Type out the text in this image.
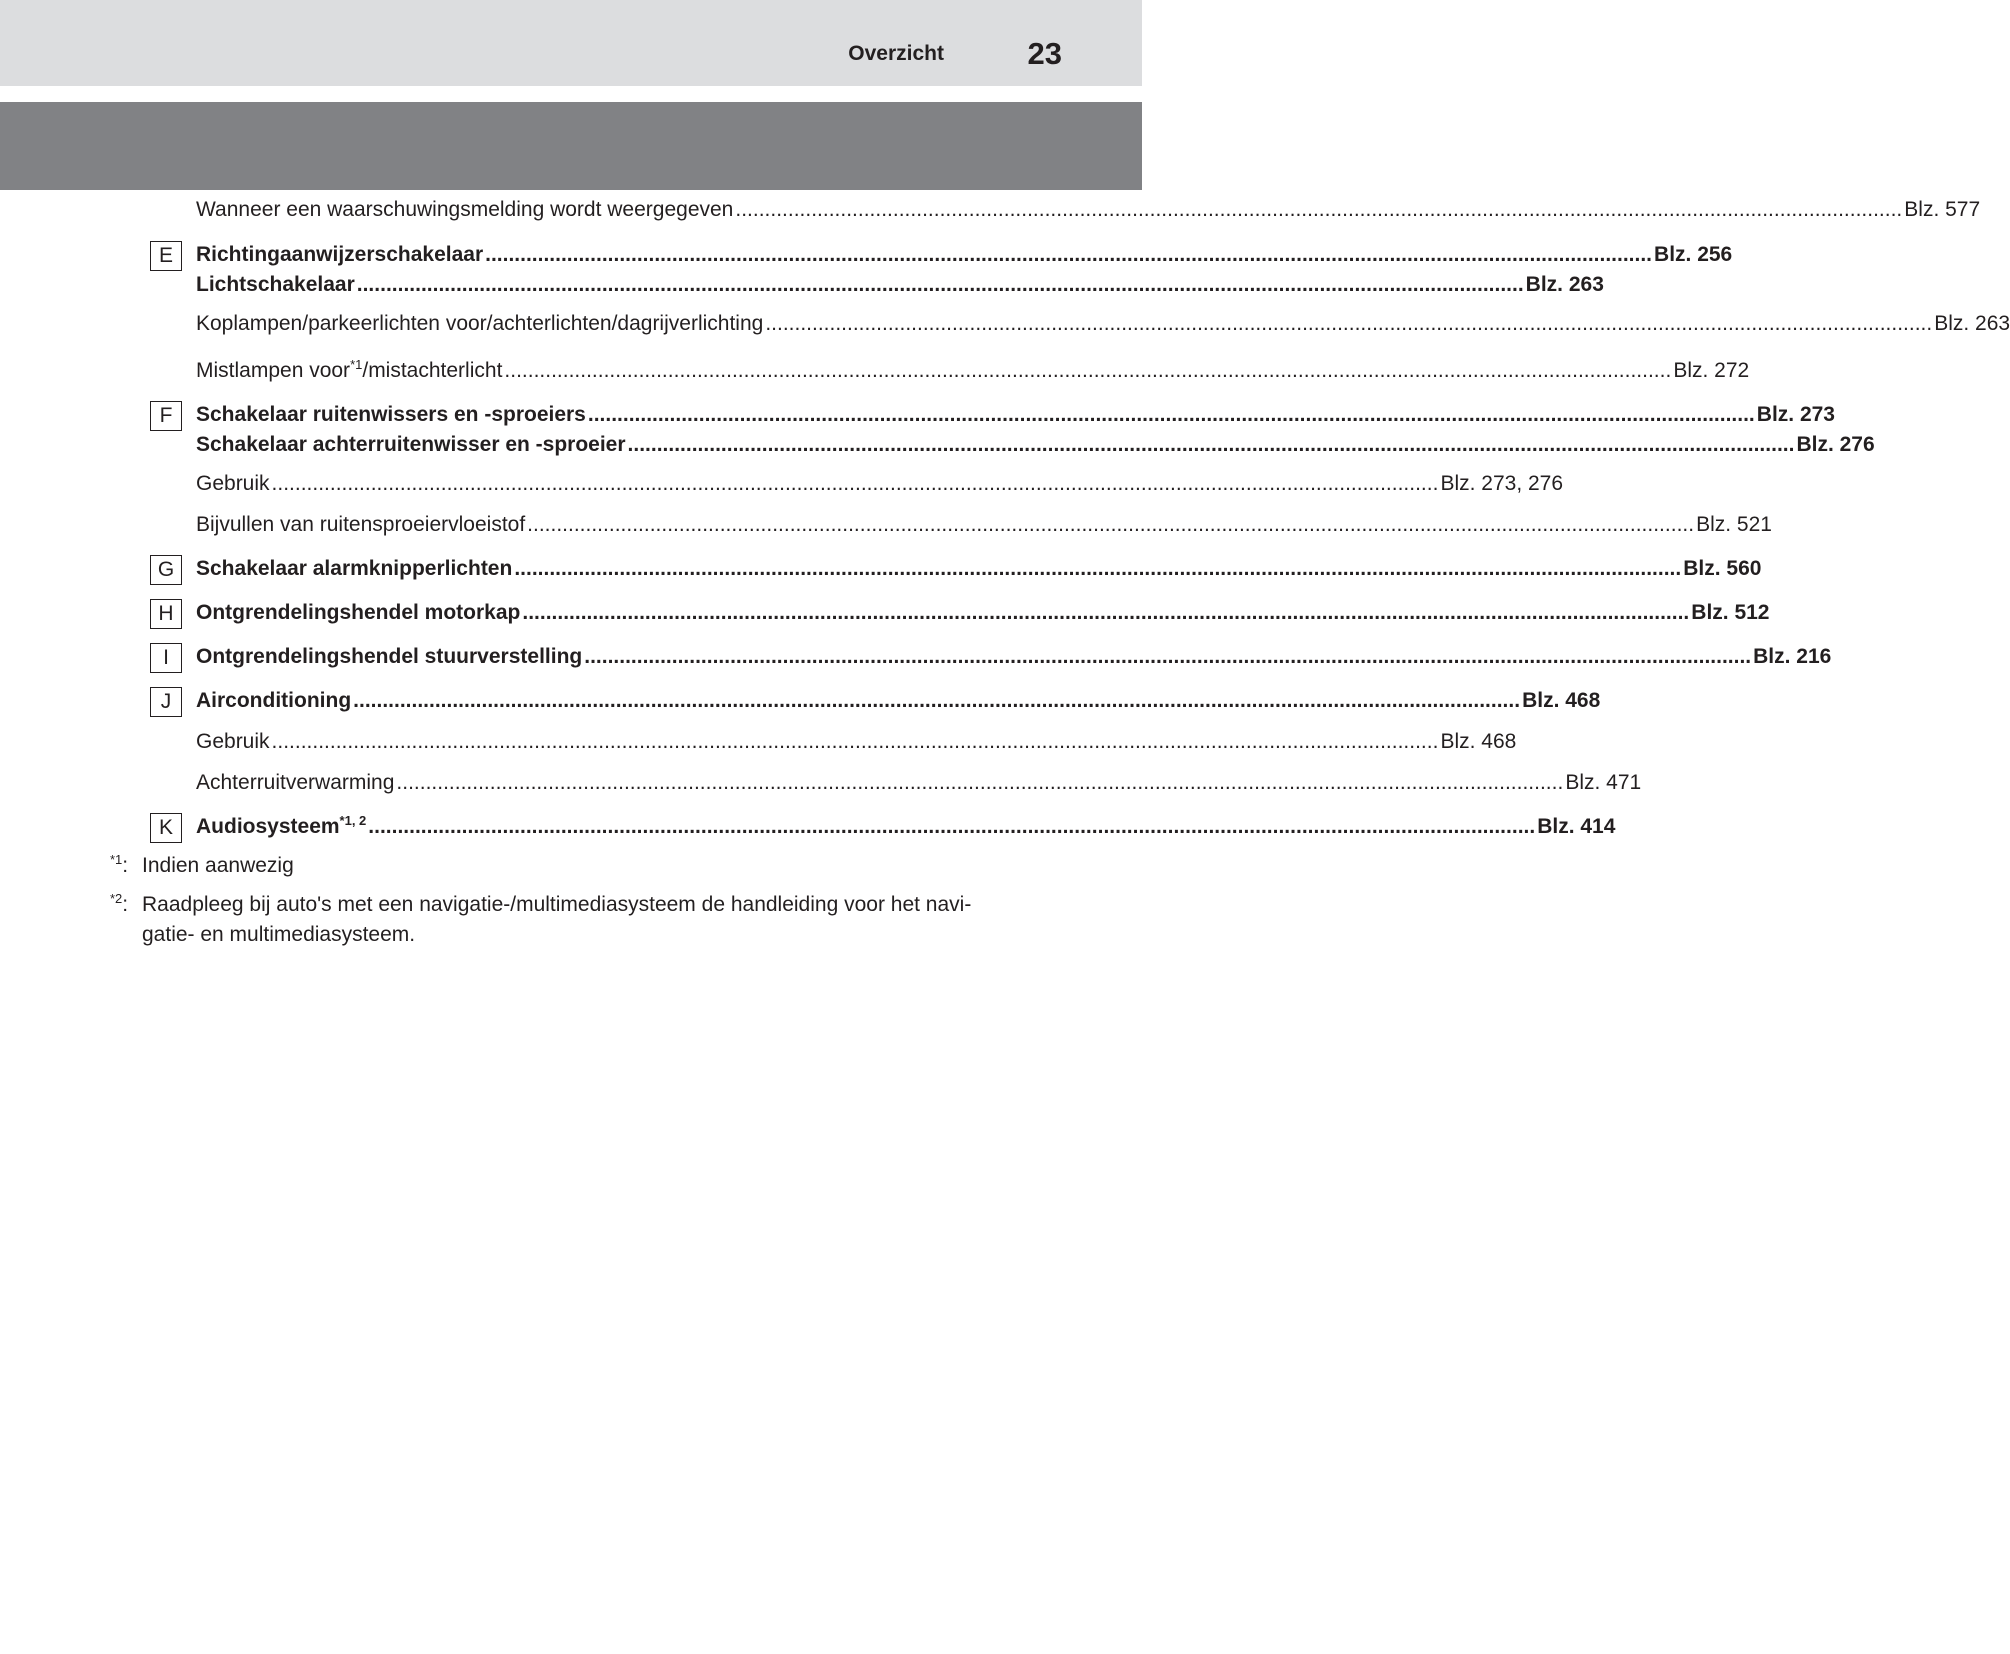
Overzicht	23
Wanneer een waarschuwingsmelding wordt weergegeven ........................................................................................................................................................................................................ Blz. 577
E	Richtingaanwijzerschakelaar ........................................................................................................................................................................................................ Blz. 256
Lichtschakelaar ........................................................................................................................................................................................................ Blz. 263
Koplampen/parkeerlichten voor/achterlichten/dagrijverlichting ........................................................................................................................................................................................................ Blz. 263
Mistlampen voor$^{*1}$/mistachterlicht ........................................................................................................................................................................................................ Blz. 272
F	Schakelaar ruitenwissers en -sproeiers ........................................................................................................................................................................................................ Blz. 273
Schakelaar achterruitenwisser en -sproeier ........................................................................................................................................................................................................ Blz. 276
Gebruik ........................................................................................................................................................................................................ Blz. 273, 276
Bijvullen van ruitensproeiervloeistof ........................................................................................................................................................................................................ Blz. 521
G	Schakelaar alarmknipperlichten ........................................................................................................................................................................................................ Blz. 560
H	Ontgrendelingshendel motorkap ........................................................................................................................................................................................................ Blz. 512
I	Ontgrendelingshendel stuurverstelling ........................................................................................................................................................................................................ Blz. 216
J	Airconditioning ........................................................................................................................................................................................................ Blz. 468
Gebruik ........................................................................................................................................................................................................ Blz. 468
Achterruitverwarming ........................................................................................................................................................................................................ Blz. 471
K	Audiosysteem$^{*1, 2}$ ........................................................................................................................................................................................................ Blz. 414
$^{*1}$: Indien aanwezig
$^{*2}$: Raadpleeg bij auto's met een navigatie-/multimediasysteem de handleiding voor het navi-
gatie- en multimediasysteem.
